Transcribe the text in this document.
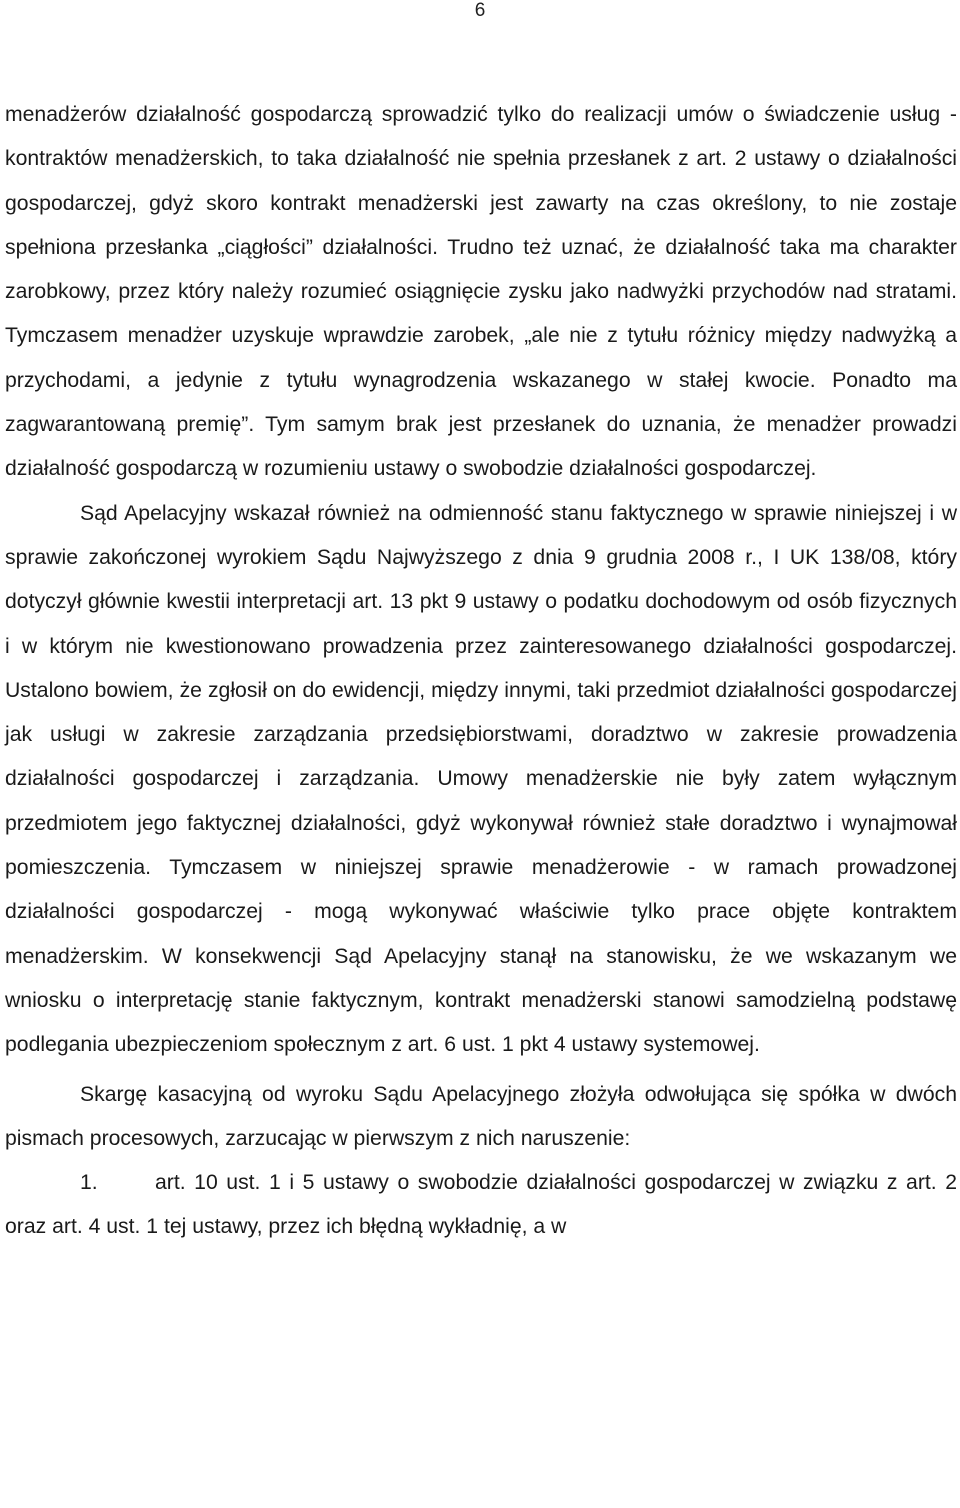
6

menadżerów działalność gospodarczą sprowadzić tylko do realizacji umów o świadczenie usług - kontraktów menadżerskich, to taka działalność nie spełnia przesłanek z art. 2 ustawy o działalności gospodarczej, gdyż skoro kontrakt menadżerski jest zawarty na czas określony, to nie zostaje spełniona przesłanka „ciągłości” działalności. Trudno też uznać, że działalność taka ma charakter zarobkowy, przez który należy rozumieć osiągnięcie zysku jako nadwyżki przychodów nad stratami. Tymczasem menadżer uzyskuje wprawdzie zarobek, „ale nie z tytułu różnicy między nadwyżką a przychodami, a jedynie z tytułu wynagrodzenia wskazanego w stałej kwocie. Ponadto ma zagwarantowaną premię”. Tym samym brak jest przesłanek do uznania, że menadżer prowadzi działalność gospodarczą w rozumieniu ustawy o swobodzie działalności gospodarczej.

Sąd Apelacyjny wskazał również na odmienność stanu faktycznego w sprawie niniejszej i w sprawie zakończonej wyrokiem Sądu Najwyższego z dnia 9 grudnia 2008 r., I UK 138/08, który dotyczył głównie kwestii interpretacji art. 13 pkt 9 ustawy o podatku dochodowym od osób fizycznych i w którym nie kwestionowano prowadzenia przez zainteresowanego działalności gospodarczej. Ustalono bowiem, że zgłosił on do ewidencji, między innymi, taki przedmiot działalności gospodarczej jak usługi w zakresie zarządzania przedsiębiorstwami, doradztwo w zakresie prowadzenia działalności gospodarczej i zarządzania. Umowy menadżerskie nie były zatem wyłącznym przedmiotem jego faktycznej działalności, gdyż wykonywał również stałe doradztwo i wynajmował pomieszczenia. Tymczasem w niniejszej sprawie menadżerowie - w ramach prowadzonej działalności gospodarczej - mogą wykonywać właściwie tylko prace objęte kontraktem menadżerskim. W konsekwencji Sąd Apelacyjny stanął na stanowisku, że we wskazanym we wniosku o interpretację stanie faktycznym, kontrakt menadżerski stanowi samodzielną podstawę podlegania ubezpieczeniom społecznym z art. 6 ust. 1 pkt 4 ustawy systemowej.

Skargę kasacyjną od wyroku Sądu Apelacyjnego złożyła odwołująca się spółka w dwóch pismach procesowych, zarzucając w pierwszym z nich naruszenie:

1.	art. 10 ust. 1 i 5 ustawy o swobodzie działalności gospodarczej w związku z art. 2 oraz art. 4 ust. 1 tej ustawy, przez ich błędną wykładnię, a w
